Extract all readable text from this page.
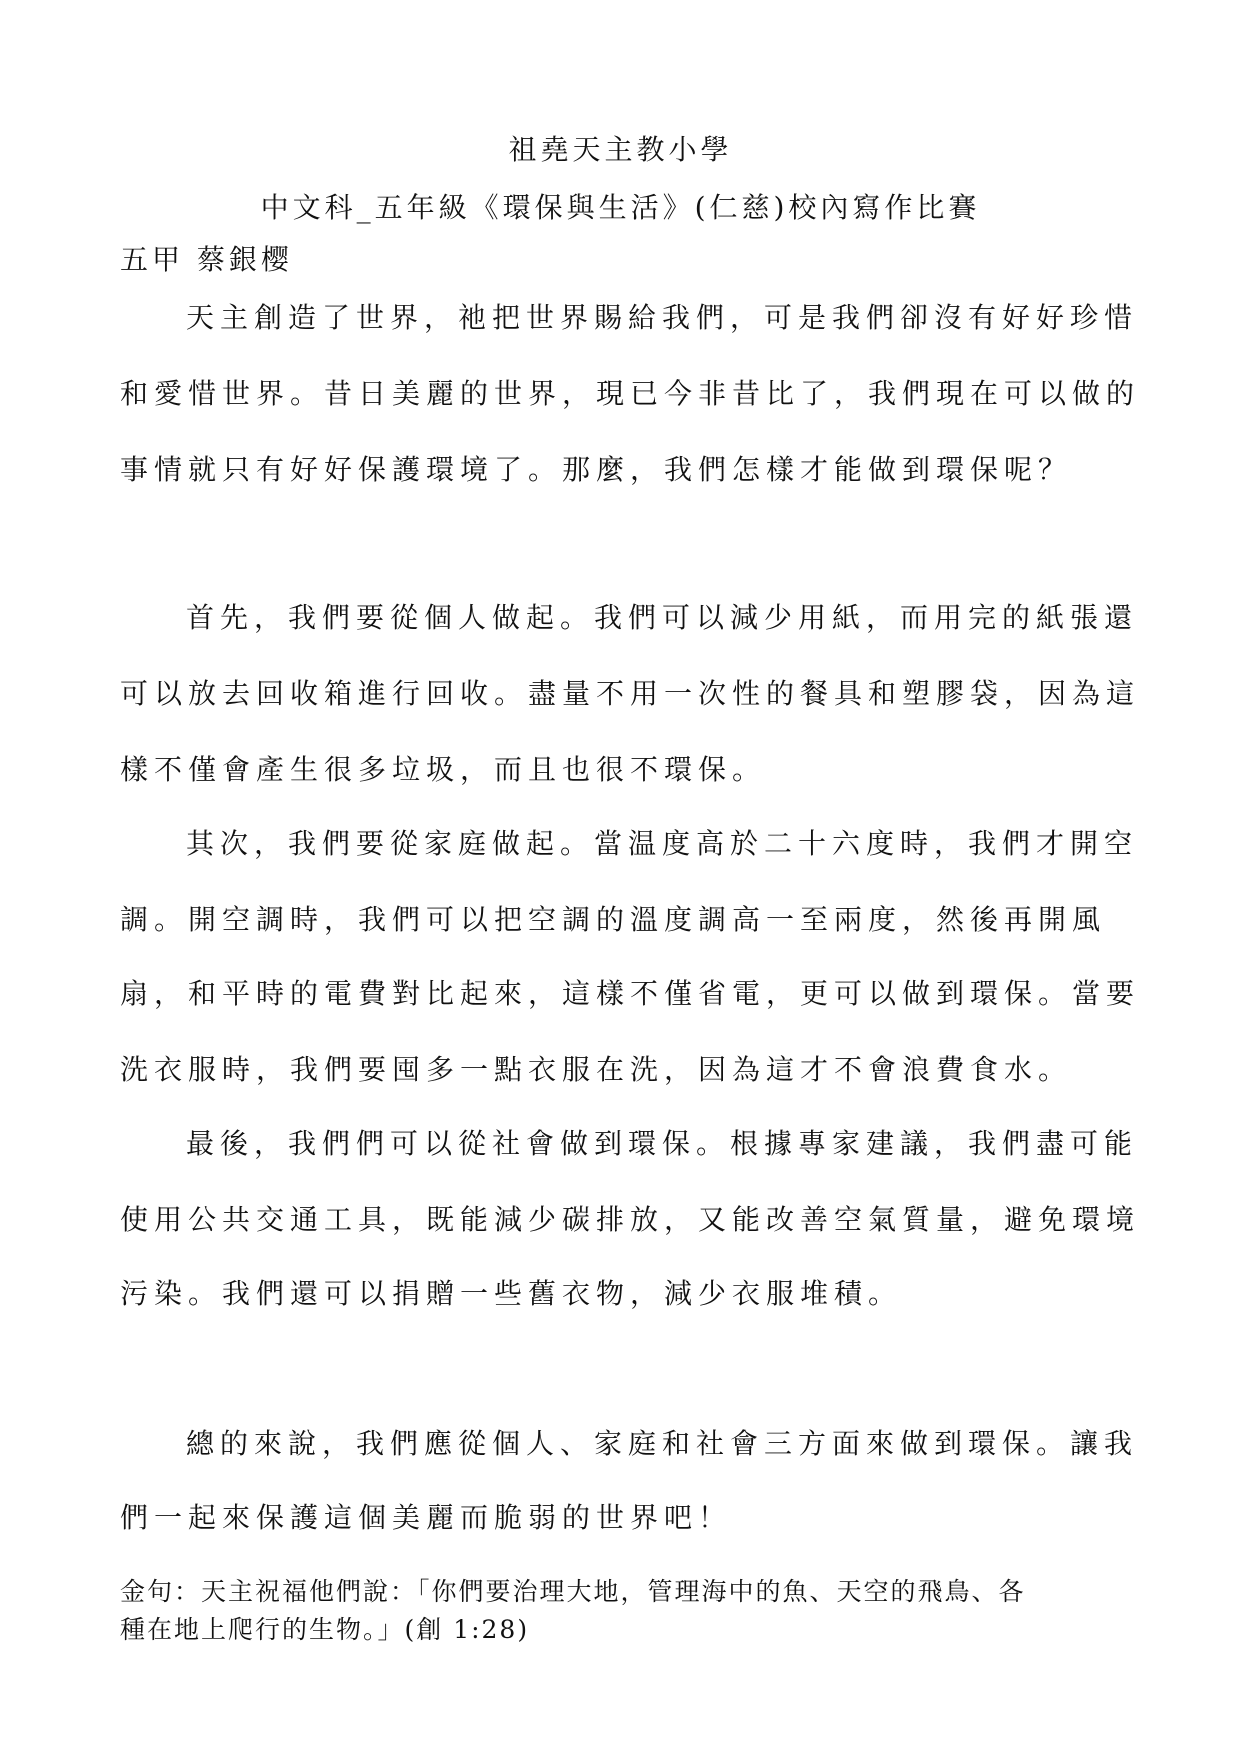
祖堯天主教小學
中文科_五年級《環保與生活》(仁慈)校內寫作比賽
五甲 蔡銀樱
天主創造了世界，祂把世界賜給我們，可是我們卻沒有好好珍惜
和愛惜世界。昔日美麗的世界，現已今非昔比了，我們現在可以做的
事情就只有好好保護環境了。那麼，我們怎樣才能做到環保呢？
首先，我們要從個人做起。我們可以減少用紙，而用完的紙張還
可以放去回收箱進行回收。盡量不用一次性的餐具和塑膠袋，因為這
樣不僅會產生很多垃圾，而且也很不環保。
其次，我們要從家庭做起。當温度高於二十六度時，我們才開空
調。開空調時，我們可以把空調的溫度調高一至兩度，然後再開風
扇，和平時的電費對比起來，這樣不僅省電，更可以做到環保。當要
洗衣服時，我們要囤多一點衣服在洗，因為這才不會浪費食水。
最後，我們們可以從社會做到環保。根據專家建議，我們盡可能
使用公共交通工具，既能減少碳排放，又能改善空氣質量，避免環境
污染。我們還可以捐贈一些舊衣物，減少衣服堆積。
總的來說，我們應從個人、家庭和社會三方面來做到環保。讓我
們一起來保護這個美麗而脆弱的世界吧！
金句：天主祝福他們說：「你們要治理大地，管理海中的魚、天空的飛鳥、各
種在地上爬行的生物。」(創 1:28)
